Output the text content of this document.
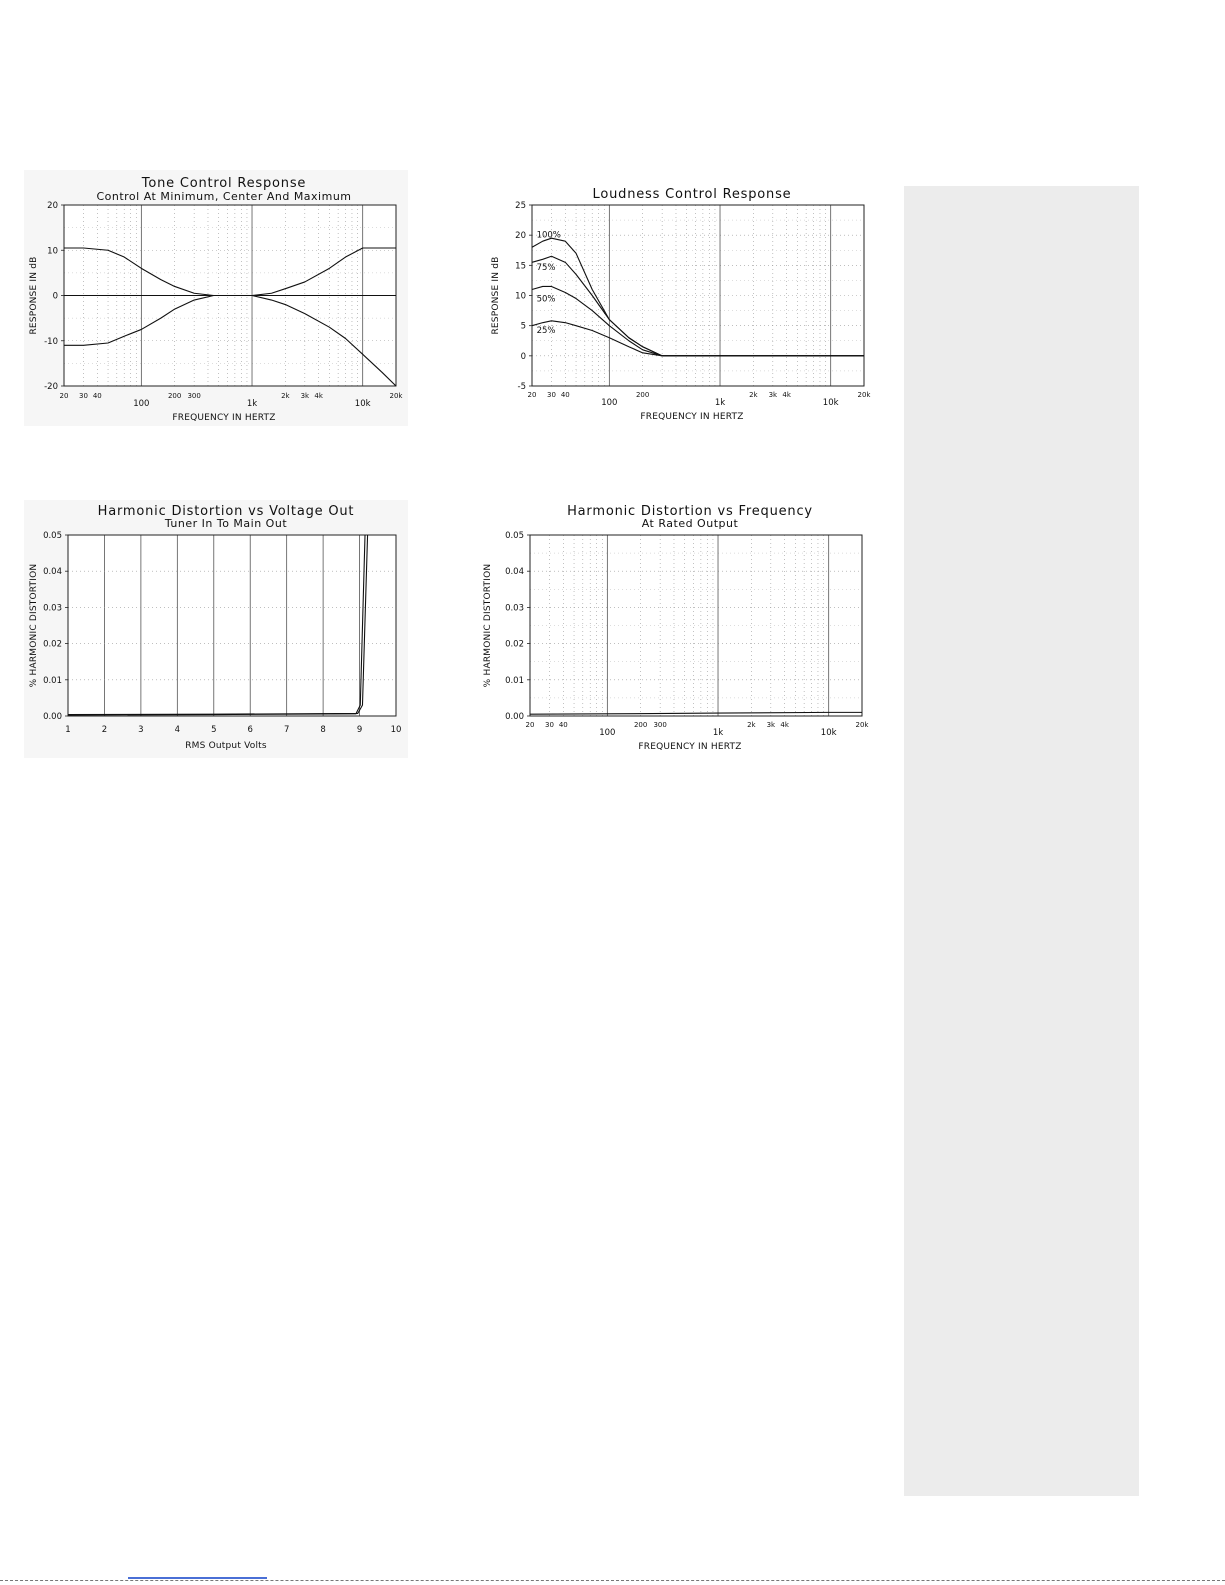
20
10
0
-10
-20
20 30 40	200 300	2k 3k 4k	20k
100	1k	10k
Tone Control Response
Control At Minimum, Center And Maximum
FREQUENCY IN HERTZ
RESPONSE IN dB
25
20
15
10
5
0
-5
20 30 40	200	2k 3k 4k	20k
100	1k	10k
100%
75%
50%
25%
Loudness Control Response
FREQUENCY IN HERTZ
RESPONSE IN dB
0.05
0.04
0.03
0.02
0.01
0.00
1	2	3	4	5	6	7	8	9	10
Harmonic Distortion vs Voltage Out
Tuner In To Main Out
RMS Output Volts
% HARMONIC DISTORTION
0.05
0.04
0.03
0.02
0.01
0.00
20 30 40	200 300	2k 3k 4k	20k
100	1k	10k
Harmonic Distortion vs Frequency
At Rated Output
FREQUENCY IN HERTZ
% HARMONIC DISTORTION
